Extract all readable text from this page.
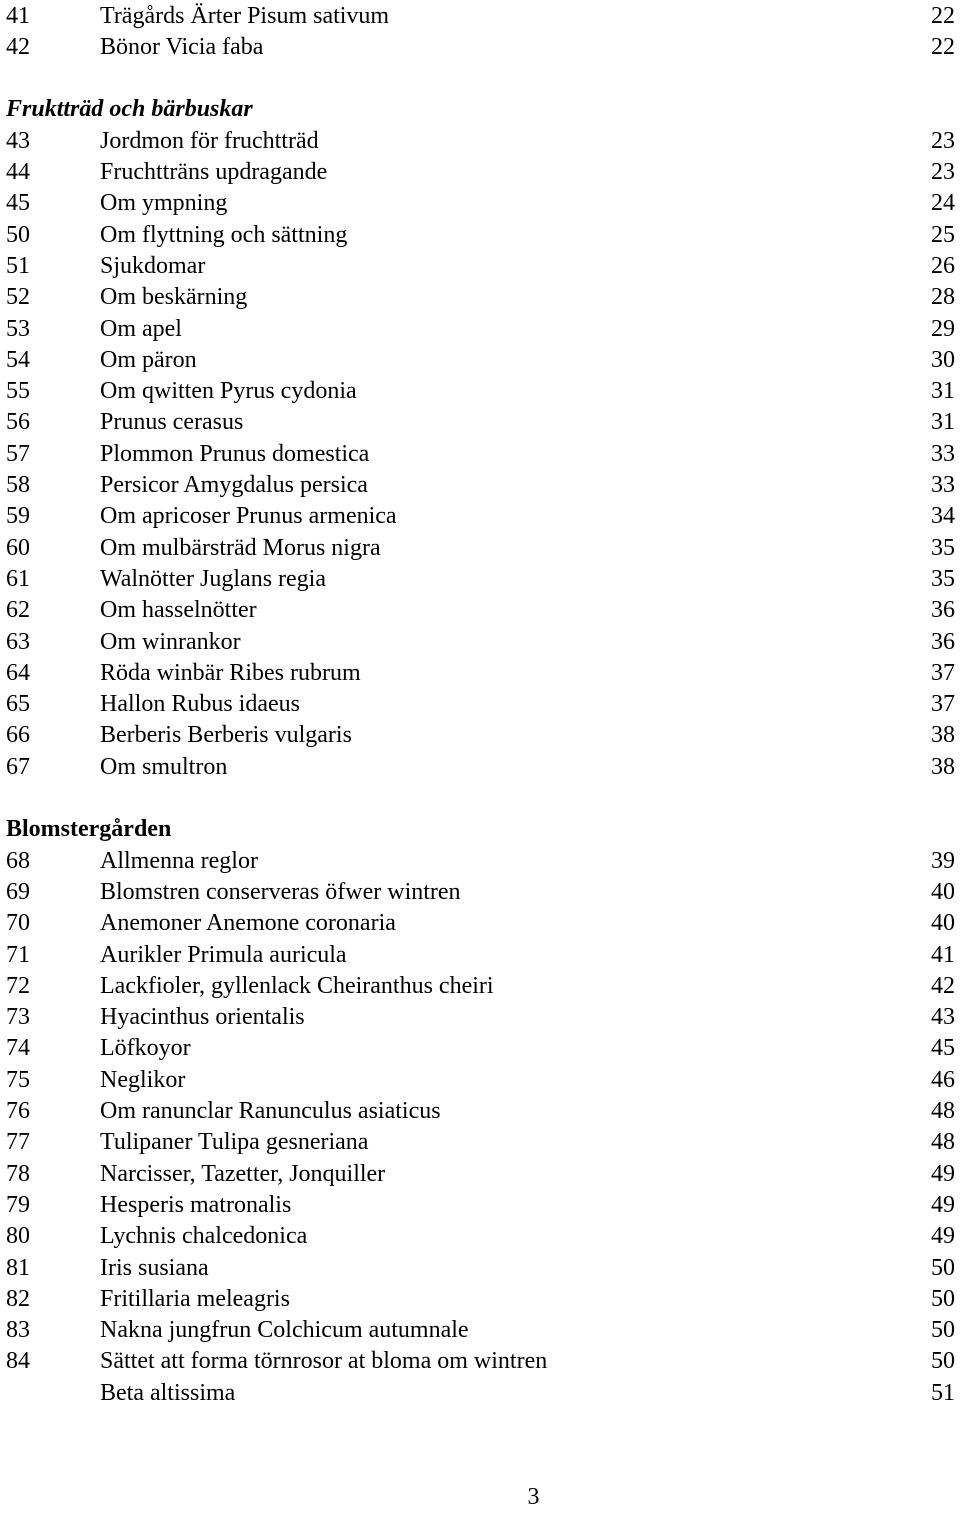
41	Trägårds Ärter Pisum sativum	22
42	Bönor Vicia faba	22
Fruktträd och bärbuskar
43	Jordmon för fruchtträd	23
44	Fruchtträns updragande	23
45	Om ympning	24
50	Om flyttning och sättning	25
51	Sjukdomar	26
52	Om beskärning	28
53	Om apel	29
54	Om päron	30
55	Om qwitten Pyrus cydonia	31
56	Prunus cerasus	31
57	Plommon Prunus domestica	33
58	Persicor Amygdalus persica	33
59	Om apricoser Prunus armenica	34
60	Om mulbärsträd Morus nigra	35
61	Walnötter Juglans regia	35
62	Om hasselnötter	36
63	Om winrankor	36
64	Röda winbär Ribes rubrum	37
65	Hallon Rubus idaeus	37
66	Berberis Berberis vulgaris	38
67	Om smultron	38
Blomstergården
68	Allmenna reglor	39
69	Blomstren conserveras öfwer wintren	40
70	Anemoner Anemone coronaria	40
71	Aurikler Primula auricula	41
72	Lackfioler, gyllenlack Cheiranthus cheiri	42
73	Hyacinthus orientalis	43
74	Löfkoyor	45
75	Neglikor	46
76	Om ranunclar Ranunculus asiaticus	48
77	Tulipaner Tulipa gesneriana	48
78	Narcisser, Tazetter, Jonquiller	49
79	Hesperis matronalis	49
80	Lychnis chalcedonica	49
81	Iris susiana	50
82	Fritillaria meleagris	50
83	Nakna jungfrun Colchicum autumnale	50
84	Sättet att forma törnrosor at bloma om wintren	50
Beta altissima	51
3
